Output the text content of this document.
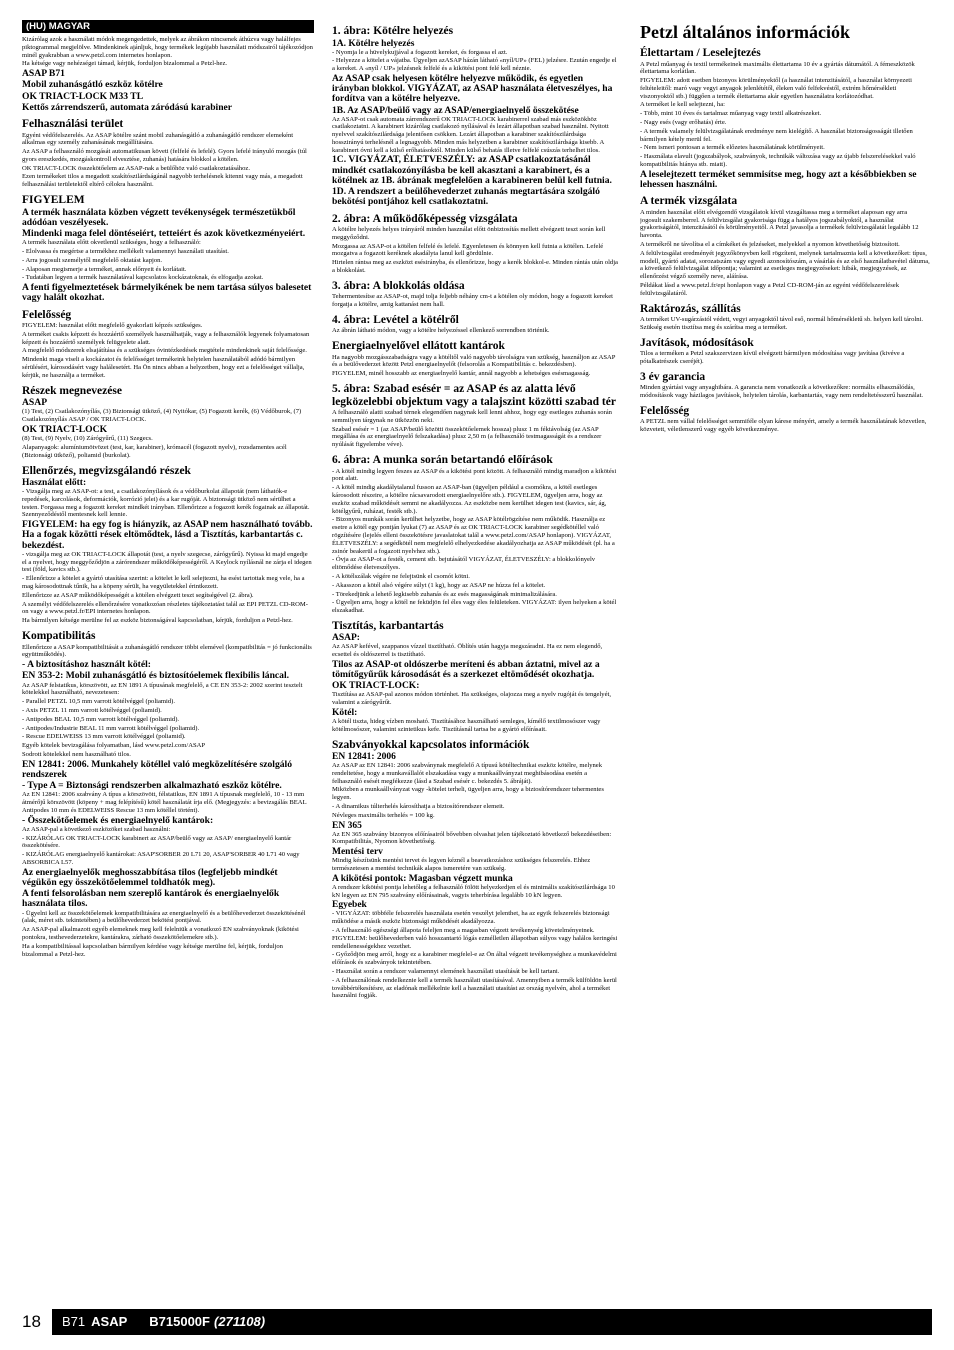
(HU) MAGYAR
Kizárólag azok a használati módok megengedettek, melyek az ábrákon nincsenek áthúzva vagy halálfejes piktogrammal megjelölve. Mindenkinek ajánljuk, hogy termékek legújabb használati módszairól tájékozódjon minél gyakrabban a www.petzl.com internetes honlapon.
Ha kétsége vagy nehézségei támad, kérjük, forduljon bizalommal a Petzl-hez.
ASAP B71
Mobil zuhanásgátló eszköz kötélre
OK TRIACT-LOCK M33 TL
Kettős zárrendszerű, automata záródású karabiner
Felhasználási terület
Egyéni védőfelszerelés. Az ASAP kötélre szánt mobil zuhanásgátló a zuhanásgátló rendszer elemeként alkalmas egy személy zuhanásának megállítására.
Az ASAP a felhasználó mozgását automatikusan követi (felfelé és lefelé). Gyors lefelé irányuló mozgás (túl gyors ereszkedés, mozgáskontroll elvesztése, zuhanás) hatására blokkol a kötélen.
OK TRIACT-LOCK összekötőelem az ASAP-nak a beülőhöz való csatlakoztatásához.
Ezen termékeket tilos a megadott szakítószilárdságánál nagyobb terhelésnek kitenni vagy más, a megadott felhasználási területektől eltérő célokra használni.
FIGYELEM
A termék használata közben végzett tevékenységek természetükből adódóan veszélyesek.
Mindenki maga felel döntéseiért, tetteiért és azok következményeiért.
A termék használata előtt okvetlenül szükséges, hogy a felhasználó:
- Elolvassa és megértse a termékhez mellékelt valamennyi használati utasítást.
- Arra jogosult személytől megfelelő oktatást kapjon.
- Alaposan megismerje a terméket, annak előnyeit és korlátait.
- Tudatában legyen a termék használatával kapcsolatos kockázatoknak, és elfogadja azokat.
A fenti figyelmeztetések bármelyikének be nem tartása súlyos balesetet vagy halált okozhat.
Felelősség
FIGYELEM: használat előtt megfelelő gyakorlati képzés szükséges.
A terméket csakis képzett és hozzáértő személyek használhatják, vagy a felhasználók legyenek folyamatosan képzett és hozzáértő személyek felügyelete alatt.
A megfelelő módszerek elsajátítása és a szükséges óvintézkedések megtétele mindenkinek saját felelőssége.
Mindenki maga viseli a kockázatot és felelősséget termékeink helytelen használatából adódó bármilyen sérülésért, károsodásért vagy halálesetért. Ha Ön nincs abban a helyzetben, hogy ezt a felelősséget vállalja, kérjük, ne használja a terméket.
Részek megnevezése
ASAP
(1) Test, (2) Csatlakozónyílás, (3) Biztonsági ütköző, (4) Nyitókar, (5) Fogazott kerék, (6) Védőburok, (7) Csatlakozónyílás ASAP / OK TRIACT-LOCK.
OK TRIACT-LOCK
(8) Test, (9) Nyelv, (10) Zárógyűrű, (11) Szegecs.
Alapanyagok: alumíniumötvözet (test, kar, karabiner), krómacél (fogazott nyelv), rozsdamentes acél (Biztonsági ütköző), poliamid (burkolat).
Ellenőrzés, megvizsgálandó részek
Használat előtt:
- Vizsgálja meg az ASAP-ot: a test, a csatlakozónyílások és a védőburkolat állapotát (nem láthatók-e repedések, karcolások, deformációk, korrózió jelei) és a kar rugóját. A biztonsági ütköző nem sérülhet a testen. Forgassa meg a fogazott kereket mindkét irányban. Ellenőrizze a fogazott kerék fogainak az állapotát. Szennyeződéstől mentesnek kell lennie.
FIGYELEM: ha egy fog is hiányzik, az ASAP nem használható tovább. Ha a fogak közötti rések eltömődtek, lásd a Tisztítás, karbantartás c. bekezdést.
- vizsgálja meg az OK TRIACT-LOCK állapotát (test, a nyelv szegecse, zárógyűrű). Nyissa ki majd engedje el a nyelvet, hogy meggyőződjön a zárórendszer működőképességéről. A Keylock nyílásnál ne zárja el idegen test (föld, kavics stb.).
- Ellenőrizze a kötelet a gyártó utasítása szerint: a kötelet le kell selejtezni, ha esést tartottak meg vele, ha a mag károsodottnak tűnik, ha a köpeny sérült, ha vegyületekkel érintkezett.
Ellenőrizze az ASAP működőképességét a kötélen elvégzett teszt segítségével (2. ábra).
A személyi védőfelszerelés ellenőrzésére vonatkozóan részletes tájékoztatást talál az EPI PETZL CD-ROM-on vagy a www.petzl.fr/EPI internetes honlapon.
Ha bármilyen kétsége merülne fel az eszköz biztonságával kapcsolatban, kérjük, forduljon a Petzl-hez.
Kompatibilitás
Ellenőrizze a ASAP kompatibilitását a zuhanásgátló rendszer többi elemével (kompatibilitás = jó funkcionális együttműködés).
- A biztosításhoz használt kötél:
EN 353-2: Mobil zuhanásgátló és biztosítóelemek flexibilis láncal.
Az ASAP felstatikus, körszövött, az EN 1891 A típusának megfelelő, a CE EN 353-2: 2002 szerint tesztelt kötelekkel használható, nevezetesen:
- Parallel PETZL 10,5 mm varrott kötélvéggel (poliamid).
- Axis PETZL 11 mm varrott kötélvéggel (poliamid).
- Antipodes BEAL 10,5 mm varrott kötélvéggel (poliamid).
- Antipodes/Industrie BEAL 11 mm varrott kötélvéggel (poliamid).
- Rescue EDELWEISS 13 mm varrott kötélvéggel (poliamid).
Egyéb kötelek bevizsgálása folyamatban, lásd www.petzl.com/ASAP
Sodrott kötelekkel nem használható tilos.
EN 12841: 2006. Munkahely kötéllel való megközelítésére szolgáló rendszerek
- Type A = Biztonsági rendszerben alkalmazható eszköz kötélre.
Az EN 12841: 2006 szabvány A típus a körszövött, félstatikus, EN 1891 A típusnak megfelelő, 10 - 13 mm átmérőjű körszövött (köpeny + mag felépítésű) kötél használatát írja elő. (Megjegyzés: a bevizsgálás BEAL Antipodes 10 mm és EDELWEISS Rescue 13 mm kötéllel történt).
- Összekötőelemek és energiaelnyelő kantárok:
Az ASAP-pal a következő eszközöket szabad használni:
- KIZÁRÓLAG OK TRIACT-LOCK karabinert az ASAP/beülő vagy az ASAP/ energiaelnyelő kantár összekötésére.
- KIZÁRÓLAG energiaelnyelő kantárokat: ASAP'SORBER 20 L71 20, ASAP'SORBER 40 L71 40 vagy ABSORBICA L57.
Az energiaelnyelők meghosszabbítása tilos (legfeljebb mindkét végükön egy összekötőelemmel toldhatók meg).
A fenti felsorolásban nem szereplő kantárok és energiaelnyelők használata tilos.
- Ügyelni kell az összekötőelemek kompatibilitására az energiaelnyelő és a beülőhevederzet összekötésénél (alak, méret stb. tekintetében) a beülőhevederzet bekötési pontjával.
Az ASAP-pal alkalmazott egyéb elemeknek meg kell felelniük a vonatkozó EN szabványoknak (kikötési pontokra, testhevederzetekre, kantárakra, zárható összekötőelemekre stb.).
Ha a kompatibilitással kapcsolatban bármilyen kérdése vagy kétsége merülne fel, kérjük, forduljon bizalommal a Petzl-hez.
1. ábra: Kötélre helyezés
1A. Kötélre helyezés
- Nyomja le a hüvelykujjával a fogazott kereket, és forgassa el azt.
- Helyezze a kötelet a vájatba. Ügyeljen azASAP házán látható «nyíl/UP» (FEL) jelzésre. Ezután engedje el a kereket. A «nyíl / UP» jelzésnek felfelé és a kikötési pont felé kell néznie.
Az ASAP csak helyesen kötélre helyezve működik, és egyetlen irányban blokkol. VIGYÁZAT, az ASAP használata életveszélyes, ha fordítva van a kötélre helyezve.
1B. Az ASAP/beülő vagy az ASAP/energiaelnyelő összekötése
Az ASAP-ot csak automata zárrendszerű OK TRIACT-LOCK karabinerrel szabad más eszközökhöz csatlakoztatni. A karabinert kizárólag csatlakozó nyílásával és lezárt állapotban szabad használni. Nyitott nyelvvel szakítószilárdsága jelentősen csökken. Lezárt állapotban a karabiner szakítószilárdsága hosszirányú terhelésnél a legnagyobb. Minden más helyzetben a karabiner szakítószilárdsága kisebb. A karabinert óvni kell a külső erőhatásoktól. Minden külső behatás illetve felfelé csúszás terhelhet tilos.
1C. VIGYÁZAT, ÉLETVESZÉLY: az ASAP csatlakoztatásánál mindkét csatlakozónyílásba be kell akasztani a karabinert, és a kötélnek az 1B. ábrának megfelelően a karabineren belül kell futnia.
1D. A rendszert a beülőhevederzet zuhanás megtartására szolgáló bekötési pontjához kell csatlakoztatni.
2. ábra: A működőképesség vizsgálata
A kötélre helyezés helyes irányáról minden használat előtt önbiztosítás mellett elvégzett teszt során kell meggyőződni.
Mozgassa az ASAP-ot a kötélen felfelé és lefelé. Egyenletesen és könnyen kell futnia a kötélen. Lefelé mozgatva a fogazott keréknek akadályta lanul kell gördülnie.
Hirtelen rántsa meg az eszközt esésirányba, és ellenőrizze, hogy a kerék blokkol-e. Minden rántás után oldja a blokkolást.
3. ábra: A blokkolás oldása
Tehermentesítse az ASAP-ot, majd tolja feljebb néhány cm-t a kötélen oly módon, hogy a fogazott kereket forgatja a kötélre, amig kattanást nem hall.
4. ábra: Levétel a kötélről
Az ábrán látható módon, vagy a kötélre helyezéssel ellenkező sorrendben történik.
Energiaelnyelővel ellátott kantárok
Ha nagyobb mozgásszabadságra vagy a kötéltől való nagyobb távolságra van szükség, használjon az ASAP és a beülővederzet között Petzl energiaelnyelőt (felsorolás a Kompatibilitás c. bekezdésben).
FIGYELEM, minél hosszabb az energiaelnyelő kantár, annál nagyobb a lehetséges esésmagasság.
5. ábra: Szabad esésér = az ASAP és az alatta lévő legközelebbi objektum vagy a talajszint közötti szabad tér
A felhasználó alatti szabad térnek elegendően nagynak kell lenni ahhoz, hogy egy esetleges zuhanás során semmilyen tárgynak ne ütközzön neki.
Szabad esésér = 1 (az ASAP/beülő közötti összekötőelemek hossza) plusz 1 m féktávolság (az ASAP megállása és az energiaelnyelő felszakadása) plusz 2,50 m (a felhasználó testmagasságát és a rendszer nyúlását figyelembe véve).
6. ábra: A munka során betartandó előírások
- A kötél mindig legyen feszes az ASAP és a kikötési pont között. A felhasználó mindig maradjon a kikötési pont alatt.
- A kötél mindig akadálytalanul fusson az ASAP-ban (ügyeljen például a csomókra, a kötél esetleges károsodott részeire, a kötélre rácsavarodott energiaelnyelőre stb.). FIGYELEM, ügyeljen arra, hogy az eszköz szabad működését semmi ne akadályozza. Az eszközbe nem kerülhet idegen test (kavics, sár, ág, kötélgyűrű, ruházat, festék stb.).
- Bizonyos munkák során kerülhet helyzetbe, hogy az ASAP kötélrögzítése nem működik. Használja ez esetre a kötél egy pontján lyukat (7) az ASAP és az OK TRIACT-LOCK karabiner segédkötéllel való rögzítésére (lejelés elleni összekötésre javaslatokat talál a www.petzl.com/ASAP honlapon). VIGYÁZAT, ÉLETVESZÉLY: a segédkötél nem megfelelő elhelyezkedése akadályozhatja az ASAP működését (pl. ha a zsinór beakerül a fogazott nyelvhez stb.).
- Óvja az ASAP-ot a festék, cement stb. bejutásától VIGYÁZAT, ÉLETVESZÉLY: a blokkolónyelv eltömődése életveszélyes.
- A kötélszálak végére ne felejtsünk el csomót kötni.
- Akasszon a kötél alsó végére súlyt (1 kg), hogy az ASAP ne húzza fel a kötelet.
- Törekedjünk a lehető legkisebb zuhanás és az esés magasságának minimalizálására.
- Ügyeljen arra, hogy a kötél ne feküdjön fel éles vagy éles felületeken. VIGYÁZAT: ilyen helyeken a kötél elszakadhat.
Tisztítás, karbantartás
ASAP:
Az ASAP kefével, szappanos vízzel tisztítható. Öblítés után hagyja megszáradni. Ha ez nem elegendő, ecsettel és oldószerrel is tisztítható.
Tilos az ASAP-ot oldószerbe meríteni és abban áztatni, mivel az a tömítőgyűrűk károsodását és a szerkezet eltömődését okozhatja.
OK TRIACT-LOCK:
Tisztítása az ASAP-pal azonos módon történhet. Ha szükséges, olajozza meg a nyelv rugóját és tengelyét, valamint a zárógyűrűt.
Kötél:
A kötél tiszta, hideg vízben mosható. Tisztításához használható semleges, kímélő textilmosószer vagy kötélmosószer, valamint szintetikus kefe. Tisztításnál tartsa be a gyártó előírásait.
Szabványokkal kapcsolatos információk
EN 12841: 2006
Az ASAP az EN 12841: 2006 szabványnak megfelelő A típusú kötéltechnikai eszköz kötélre, melynek rendeltetése, hogy a munkavállalót elszakadása vagy a munkaállványzat meghibásodása esetén a felhasználó esését megfékezze (lásd a Szabad esésér c. bekezdés 5. ábráját).
Miközben a munkaállványzat vagy -kötelet terheli, ügyeljen arra, hogy a biztosítórendszer tehermentes legyen.
- A dinamikus túlterhelés károsíthatja a biztosítórendszer elemeit.
Névleges maximális terhelés = 100 kg.
EN 365
Az EN 365 szabvány bizonyos előírásairól bővebben olvashat jelen tájékoztató következő bekezdéseiben: Kompatibilitás, Nyomon követhetőség.
Mentési terv
Mindig készítsünk mentési tervet és legyen kéznél a beavatkozáshoz szükséges felszerelés. Ehhez természetesen a mentési technikák alapos ismeretére van szükség.
A kikötési pontok: Magasban végzett munka
A rendszer kikötési pontja lehetőleg a felhasználó fölött helyezkedjen el és minimális szakítószilárdsága 10 kN legyen az EN 795 szabvány előírásainak, vagyis teherbírása legalább 10 kN legyen.
Egyebek
- VIGYÁZAT: többféle felszerelés használata esetén veszélyt jelenthet, ha az egyik felszerelés biztonsági működése a másik eszköz biztonsági működését akadályozza.
- A felhasználó egészségi állapota feleljen meg a magasban végzett tevékenység követelményeinek. FIGYELEM: beülőhevederben való hosszantartó lógás ezmélletlen állapotban súlyos vagy halálos keringési rendellenességekhez vezethet.
- Győződjön meg arról, hogy ez a karabiner megfelel-e az Ön által végzett tevékenységhez a munkavédelmi előírások és szabványok tekintetében.
- Használat során a rendszer valamennyi elemének használati utasítását be kell tartani.
- A felhasználónak rendelkeznie kell a termék használati utasításával. Amennyiben a termék külföldön kerül továbbértékesítésre, az eladónak mellékelnie kell a használati utasítást az ország nyelvén, ahol a terméket használni fogják.
Petzl általános információk
Élettartam / Leselejtezés
A Petzl műanyag és textil termékeinek maximális élettartama 10 év a gyártás dátumától. A fémeszközök élettartama korlátlan.
FIGYELEM: adott esetben bizonyos körülményektől (a használat intenzitásától, a használat környezeti feltételeitől: maró vagy vegyi anyagok jelenlététől, éleken való felfekvéstől, extrém hőmérsékleti viszonyoktól stb.) függően a termék élettartama akár egyetlen használatra korlátozódhat.
A terméket le kell selejtezni, ha:
- Több, mint 10 éves és tartalmaz műanyag vagy textil alkatrészeket.
- Nagy esés (vagy erőhatás) érte.
- A termék valamely felülvizsgálatának eredménye nem kielégítő. A használat biztonságosságát illetően bármilyen kétely merül fel.
- Nem ismeri pontosan a termék előzetes használatának körülményeit.
- Használata elavult (jogszabályok, szabványok, technikák változása vagy az újabb felszerelésekkel való kompatibilitás hiánya stb. miatt).
A leselejtezett terméket semmisítse meg, hogy azt a későbbiekben se lehessen használni.
A termék vizsgálata
A minden használat előtt elvégzendő vizsgálatok kívül vizsgáltassa meg a terméket alaposan egy arra jogosult szakemberrel. A felülvizsgálat gyakorisága függ a hatályos jogszabályoktól, a használat gyakoriságától, intenzitásától és körülményeitől. A Petzl javasolja a termékek felülvizsgálatát legalább 12 havonta.
A termékről ne távolítsa el a címkéket és jelzéseket, melyekkel a nyomon követhetőség biztosított.
A felülvizsgálat eredményét jegyzőkönyvben kell rögzíteni, melynek tartalmaznia kell a következőket: típus, modell, gyártó adatai, sorozatszám vagy egyedi azonosítószám, a vásárlás és az első használatbavétel dátuma, a következő felülvizsgálat időpontja; valamint az esetleges megjegyzéseket: hibák, megjegyzések, az ellenőrzést végző személy neve, aláírása.
Példákat lásd a www.petzl.fr/epi honlapon vagy a Petzl CD-ROM-ján az egyéni védőfelszerelések felülvizsgálatáról.
Raktározás, szállítás
A terméket UV-sugárzástól védett, vegyi anyagoktól távol eső, normál hőmérsékletű sb. helyen kell tárolni. Szükség esetén tisztítsa meg és szárítsa meg a terméket.
Javítások, módosítások
Tilos a terméken a Petzl szakszervizen kívül elvégzett bármilyen módosítása vagy javítása (kivéve a pótalkatrészek cseréjét).
3 év garancia
Minden gyártási vagy anyaghibára. A garancia nem vonatkozik a következőkre: normális elhasználódás, módosítások vagy házilagos javítások, helytelen tárolás, karbantartás, vagy nem rendeltetésszerű használat.
Felelősség
A PETZL nem vállal felelősséget semmiféle olyan kárese ményért, amely a termék használatának közvetlen, közvetett, véletlenszerű vagy egyéb következménye.
18	B71 ASAP B715000F (271108)
